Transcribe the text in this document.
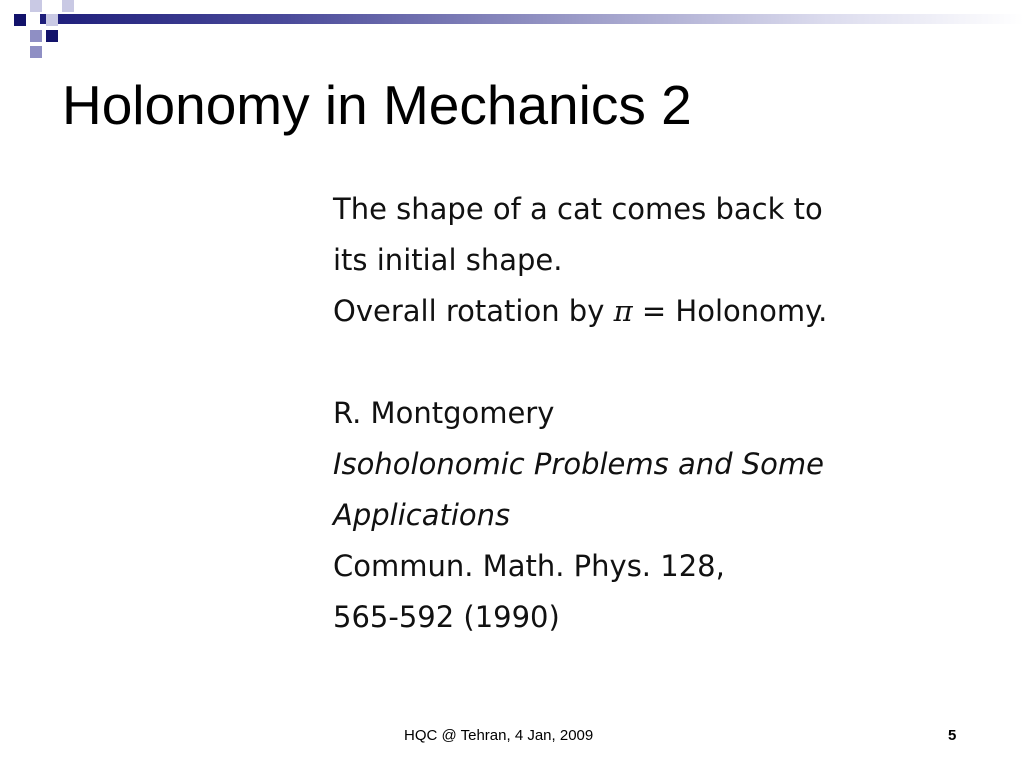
Holonomy in Mechanics 2
The shape of a cat comes back to
its initial shape.
Overall rotation by π = Holonomy.
R. Montgomery
Isoholonomic Problems and Some
Applications
Commun. Math. Phys. 128,
565-592 (1990)
HQC @ Tehran, 4 Jan, 2009	5
